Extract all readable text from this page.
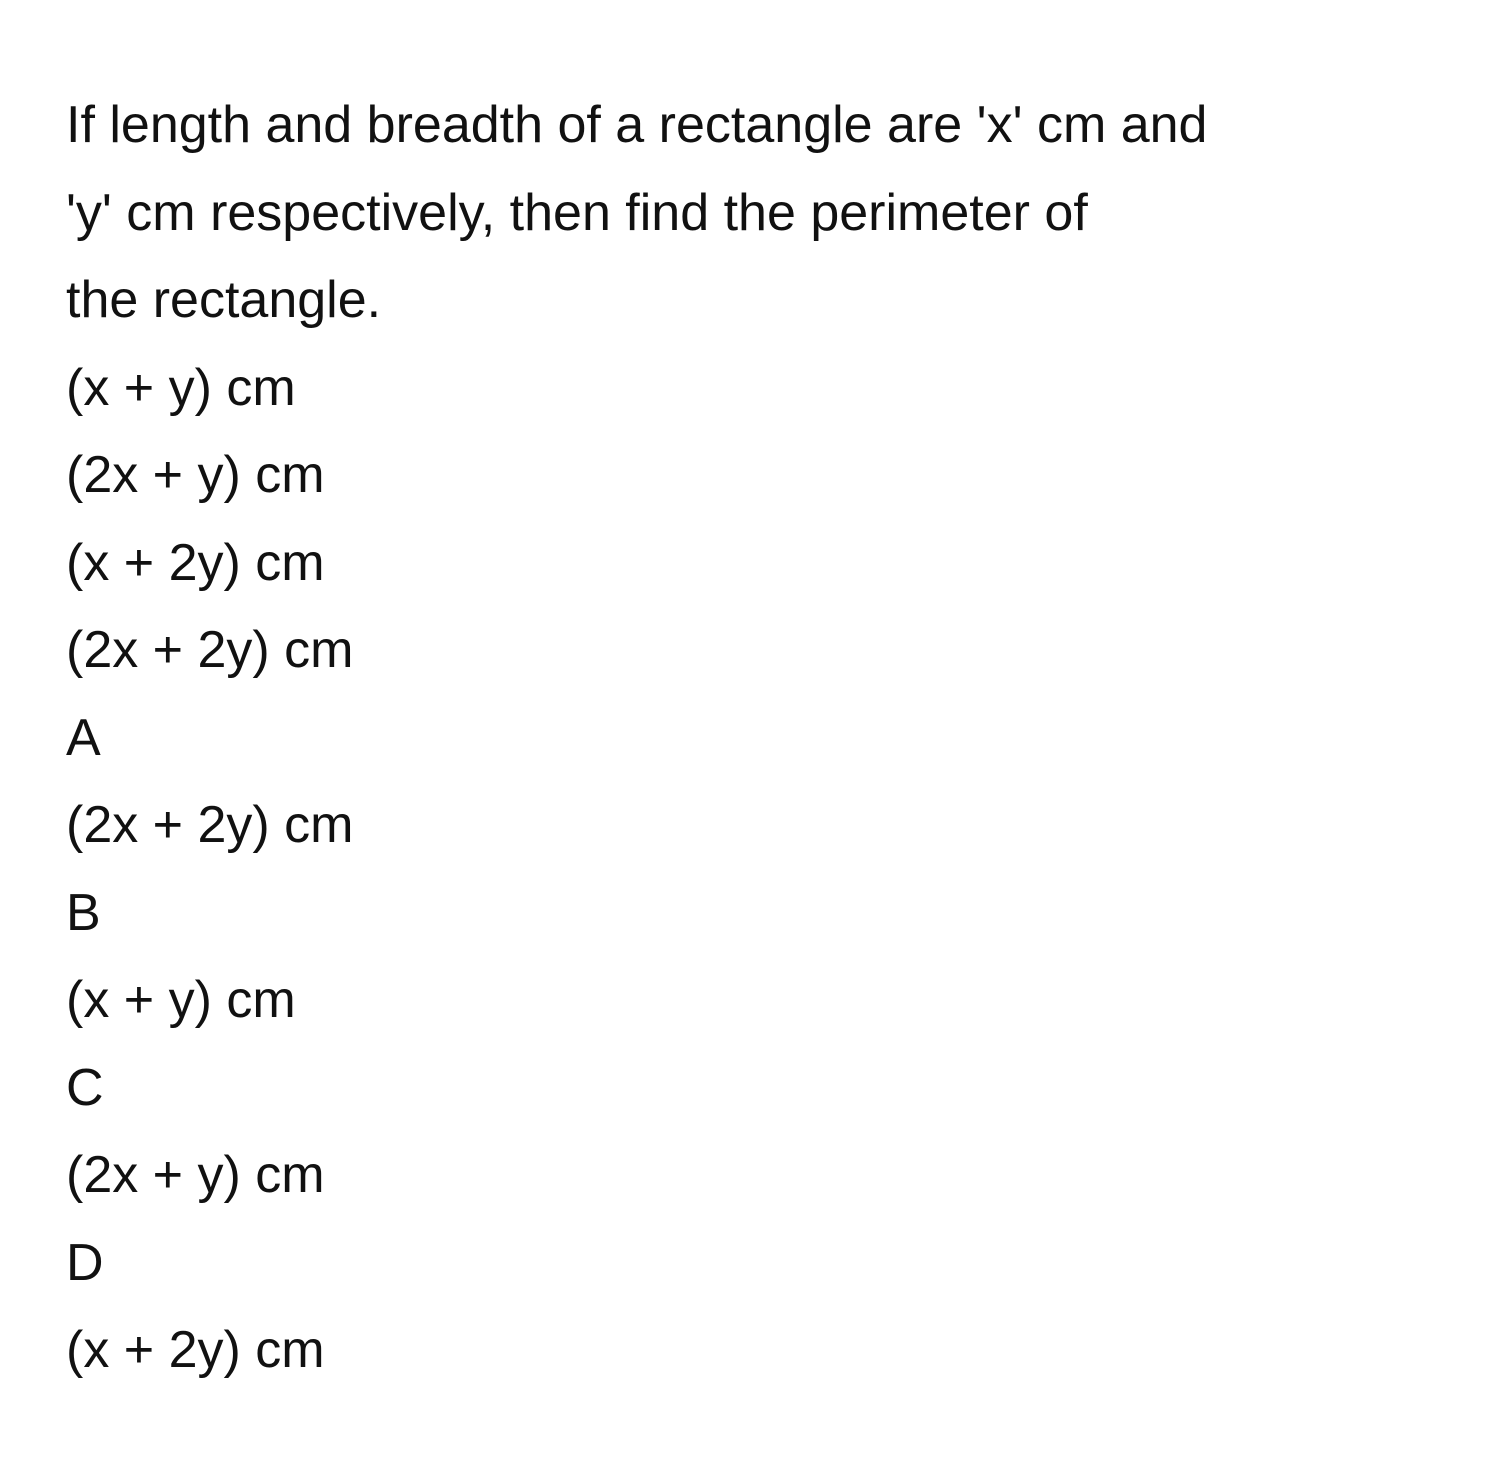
If length and breadth of a rectangle are 'x' cm and
'y' cm respectively, then find the perimeter of
the rectangle.
(x + y) cm
(2x + y) cm
(x + 2y) cm
(2x + 2y) cm
A
(2x + 2y) cm
B
(x + y) cm
C
(2x + y) cm
D
(x + 2y) cm
